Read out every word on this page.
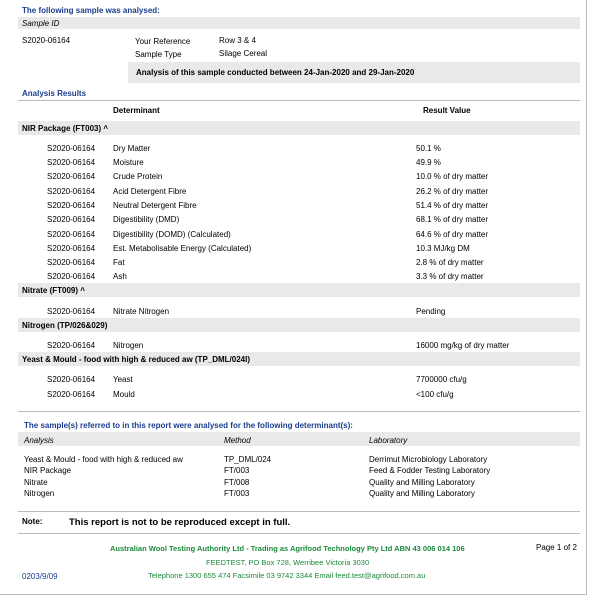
The following sample was analysed:
Sample ID
S2020-06164	Your Reference	Row 3 & 4
Sample Type	Silage Cereal
Analysis of this sample conducted between 24-Jan-2020 and 29-Jan-2020
Analysis Results
Determinant	Result Value
NIR Package (FT003) ^
S2020-06164 Dry Matter	50.1 %
S2020-06164 Moisture	49.9 %
S2020-06164 Crude Protein	10.0 % of dry matter
S2020-06164 Acid Detergent Fibre	26.2 % of dry matter
S2020-06164 Neutral Detergent Fibre	51.4 % of dry matter
S2020-06164 Digestibility (DMD)	68.1 % of dry matter
S2020-06164 Digestibility (DOMD) (Calculated)	64.6 % of dry matter
S2020-06164 Est. Metabolisable Energy (Calculated)	10.3 MJ/kg DM
S2020-06164 Fat	2.8 % of dry matter
S2020-06164 Ash	3.3 % of dry matter
Nitrate (FT009) ^
S2020-06164 Nitrate Nitrogen	Pending
Nitrogen (TP/026&029)
S2020-06164 Nitrogen	16000 mg/kg of dry matter
Yeast & Mould - food with high & reduced aw (TP_DML/024I)
S2020-06164 Yeast	7700000 cfu/g
S2020-06164 Mould	<100 cfu/g
The sample(s) referred to in this report were analysed for the following determinant(s):
Analysis	Method	Laboratory
Yeast & Mould - food with high & reduced aw	TP_DML/024	Derrimut Microbiology Laboratory
NIR Package	FT/003	Feed & Fodder Testing Laboratory
Nitrate	FT/008	Quality and Milling Laboratory
Nitrogen	FT/003	Quality and Milling Laboratory
Note:	This report is not to be reproduced except in full.
Australian Wool Testing Authority Ltd - Trading as Agrifood Technology Pty Ltd ABN 43 006 014 106	Page 1 of 2
FEEDTEST, PO Box 728, Werribee Victoria 3030
0203/9/09	Telephone 1300 655 474 Facsimile 03 9742 3344 Email feed.test@agrifood.com.au
